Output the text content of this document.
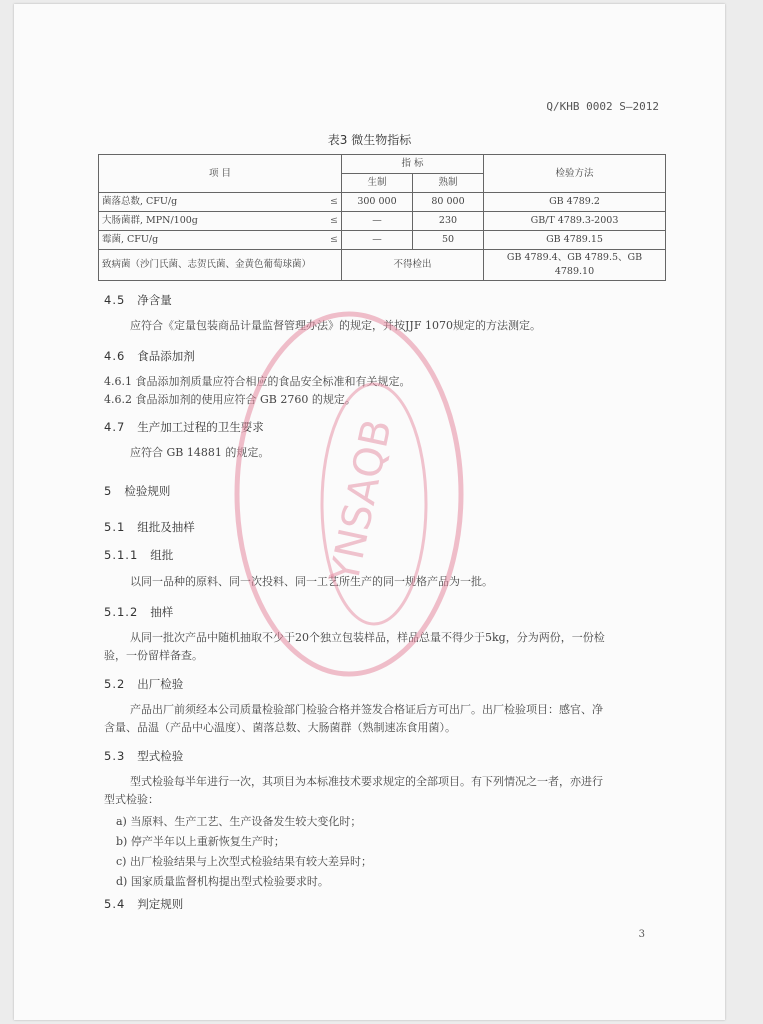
Q/KHB 0002 S—2012
表3 微生物指标
项 目		指 标		检验方法
		生制	熟制	
菌落总数, CFU/g	≤	300 000	80 000	GB 4789.2
大肠菌群, MPN/100g	≤	—	230	GB/T 4789.3-2003
霉菌, CFU/g	≤	—	50	GB 4789.15
致病菌（沙门氏菌、志贺氏菌、金黄色葡萄球菌）		不得检出		GB 4789.4、GB 4789.5、GB 4789.10
4.5 净含量
应符合《定量包装商品计量监督管理办法》的规定，并按JJF 1070规定的方法测定。
4.6 食品添加剂
4.6.1 食品添加剂质量应符合相应的食品安全标准和有关规定。
4.6.2 食品添加剂的使用应符合 GB 2760 的规定。
4.7 生产加工过程的卫生要求
应符合 GB 14881 的规定。
5 检验规则
5.1 组批及抽样
5.1.1 组批
以同一品种的原料、同一次投料、同一工艺所生产的同一规格产品为一批。
5.1.2 抽样
从同一批次产品中随机抽取不少于20个独立包装样品，样品总量不得少于5kg，分为两份，一份检
验，一份留样备查。
5.2 出厂检验
产品出厂前须经本公司质量检验部门检验合格并签发合格证后方可出厂。出厂检验项目：感官、净
含量、品温（产品中心温度）、菌落总数、大肠菌群（熟制速冻食用菌）。
5.3 型式检验
型式检验每半年进行一次，其项目为本标准技术要求规定的全部项目。有下列情况之一者，亦进行
型式检验：
a) 当原料、生产工艺、生产设备发生较大变化时；
b) 停产半年以上重新恢复生产时；
c) 出厂检验结果与上次型式检验结果有较大差异时；
d) 国家质量监督机构提出型式检验要求时。
5.4 判定规则
3
YNSAQB
